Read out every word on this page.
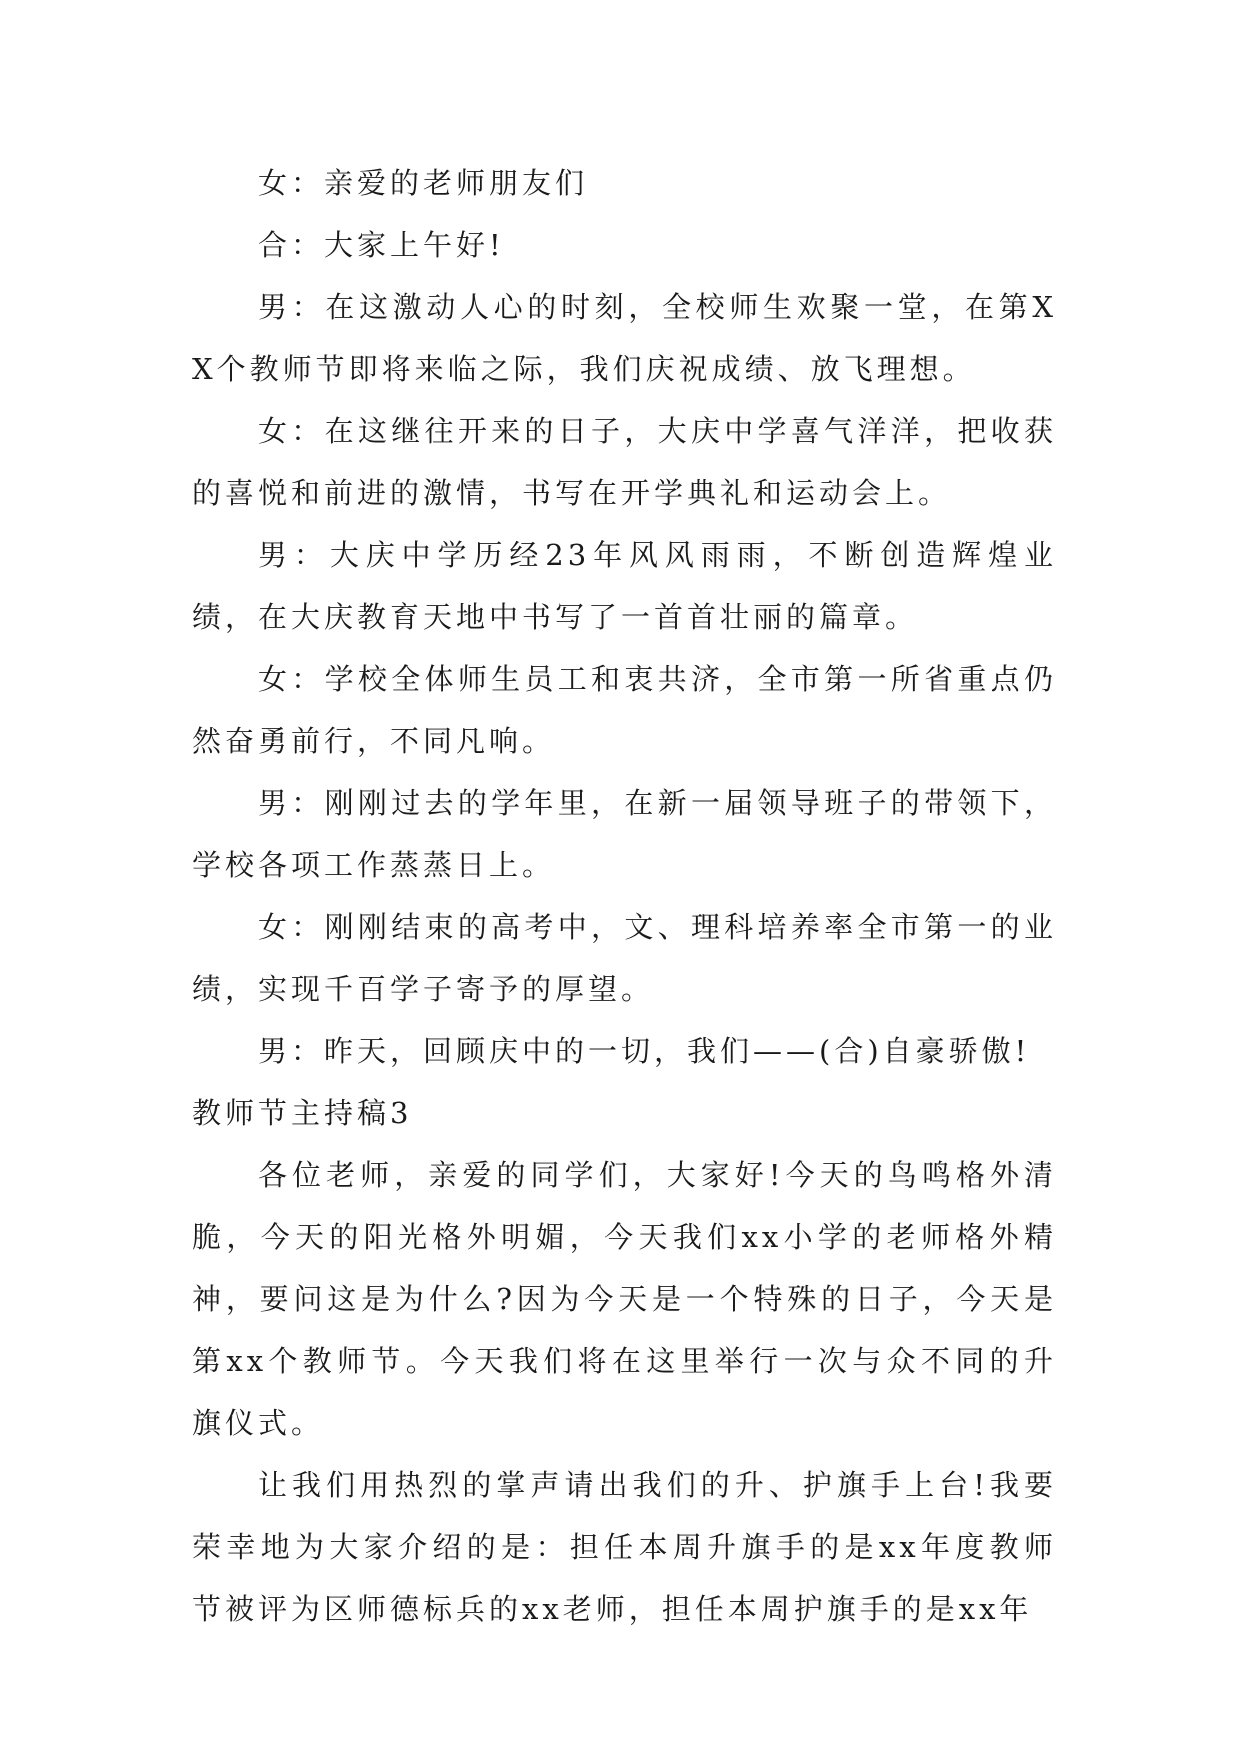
女：亲爱的老师朋友们

合：大家上午好!

男：在这激动人心的时刻，全校师生欢聚一堂，在第XX个教师节即将来临之际，我们庆祝成绩、放飞理想。

女：在这继往开来的日子，大庆中学喜气洋洋，把收获的喜悦和前进的激情，书写在开学典礼和运动会上。

男：大庆中学历经23年风风雨雨，不断创造辉煌业绩，在大庆教育天地中书写了一首首壮丽的篇章。

女：学校全体师生员工和衷共济，全市第一所省重点仍然奋勇前行，不同凡响。

男：刚刚过去的学年里，在新一届领导班子的带领下，学校各项工作蒸蒸日上。

女：刚刚结束的高考中，文、理科培养率全市第一的业绩，实现千百学子寄予的厚望。

男：昨天，回顾庆中的一切，我们——(合)自豪骄傲!

教师节主持稿3

各位老师，亲爱的同学们，大家好!今天的鸟鸣格外清脆，今天的阳光格外明媚，今天我们xx小学的老师格外精神，要问这是为什么?因为今天是一个特殊的日子，今天是第xx个教师节。今天我们将在这里举行一次与众不同的升旗仪式。

让我们用热烈的掌声请出我们的升、护旗手上台!我要荣幸地为大家介绍的是：担任本周升旗手的是xx年度教师节被评为区师德标兵的xx老师，担任本周护旗手的是xx年
